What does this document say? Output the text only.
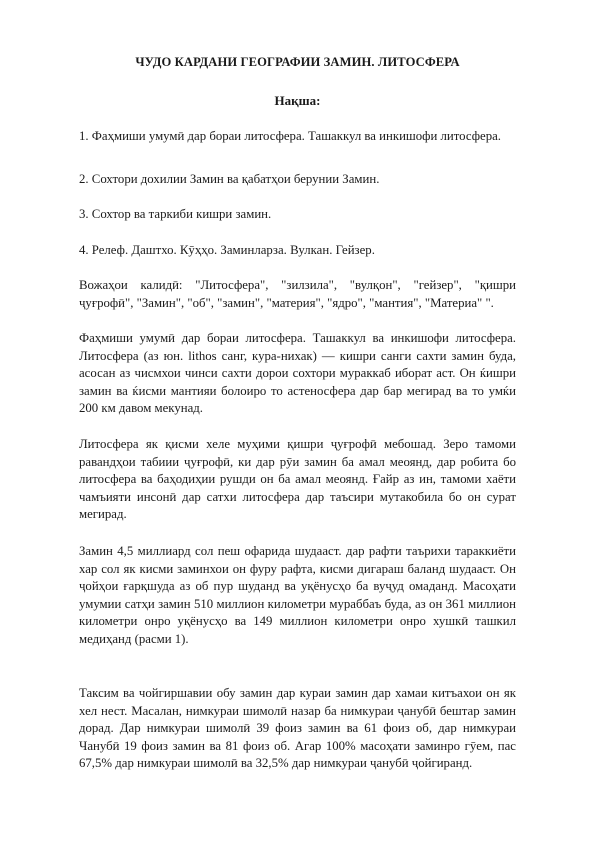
ЧУДО КАРДАНИ ГЕОГРАФИИ ЗАМИН. ЛИТОСФЕРА
Нақша:

1. Фаҳмиши умумӣ дар бораи литосфера. Ташаккул ва инкишофи литосфера.

2. Сохтори дохилии Замин ва қабатҳои берунии Замин.

3. Сохтор ва таркиби кишри замин.

4. Релеф. Даштхо. Кӯҳҳо. Заминларза. Вулкан. Гейзер.

Вожаҳои калидӣ: "Литосфера", "зилзила", "вулқон", "гейзер", "қишри ҷуғрофӣ", "Замин", "об", "замин", "материя", "ядро", "мантия", "Материа" ".

Фаҳмиши умумӣ дар бораи литосфера. Ташаккул ва инкишофи литосфера. Литосфера (аз юн. lithos санг, кура-нихак) — кишри санги сахти замин буда, асосан аз чисмхои чинси сахти дорои сохтори мураккаб иборат аст. Он ќишри замин ва ќисми мантияи болоиро то астеносфера дар бар мегирад ва то умќи 200 км давом мекунад.

Литосфера як қисми хеле муҳими қишри ҷуғрофӣ мебошад. Зеро тамоми равандҳои табиии ҷуғрофӣ, ки дар рӯи замин ба амал меоянд, дар робита бо литосфера ва баҳодиҳии рушди он ба амал меоянд. Ғайр аз ин, тамоми хаёти чамъияти инсонӣ дар сатхи литосфера дар таъсири мутакобила бо он сурат мегирад.

Замин 4,5 миллиард сол пеш офарида шудааст. дар рафти таърихи тараккиёти хар сол як кисми заминхои он фуру рафта, кисми дигараш баланд шудааст. Он ҷойҳои ғарқшуда аз об пур шуданд ва уқёнусҳо ба вуҷуд омаданд. Масоҳати умумии сатҳи замин 510 миллион километри мураббаъ буда, аз он 361 миллион километри онро уқёнусҳо ва 149 миллион километри онро хушкӣ ташкил медиҳанд (расми 1).

Таксим ва чойгиршавии обу замин дар кураи замин дар хамаи китъахои он як хел нест. Масалан, нимкураи шимолӣ назар ба нимкураи ҷанубӣ бештар замин дорад. Дар нимкураи шимолӣ 39 фоиз замин ва 61 фоиз об, дар нимкураи Чанубӣ 19 фоиз замин ва 81 фоиз об. Агар 100% масоҳати заминро гӯем, пас 67,5% дар нимкураи шимолӣ ва 32,5% дар нимкураи ҷанубӣ ҷойгиранд.
